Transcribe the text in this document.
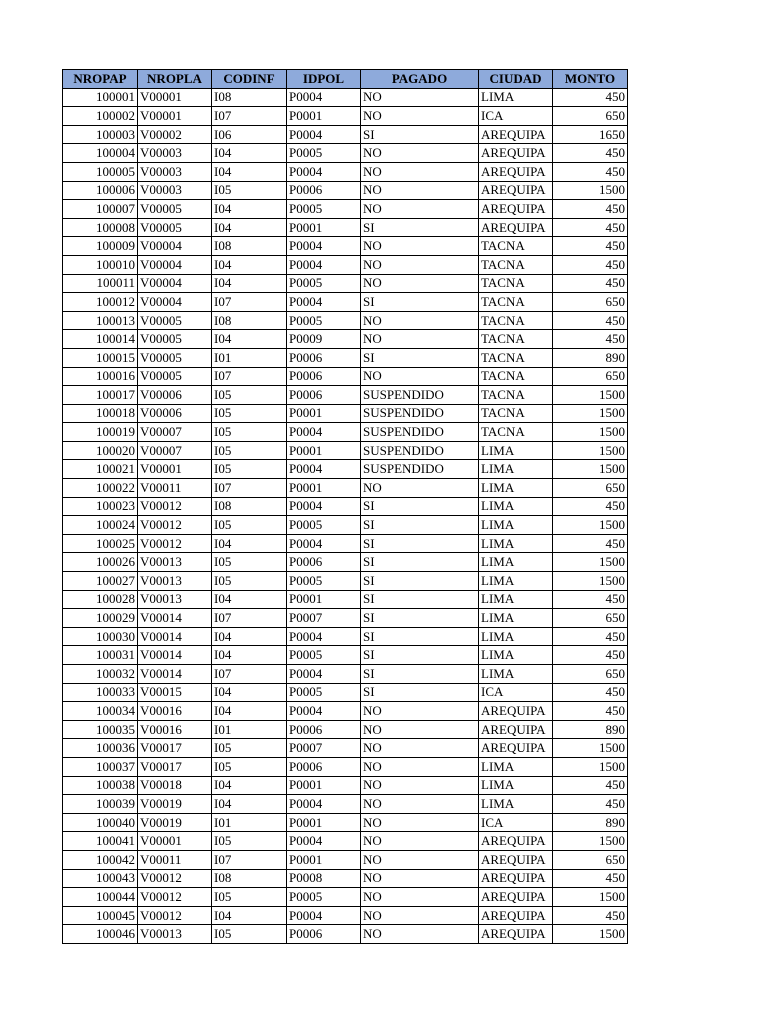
NROPAP	NROPLA	CODINF	IDPOL	PAGADO	CIUDAD	MONTO
100001	V00001	I08	P0004	NO	LIMA	450
100002	V00001	I07	P0001	NO	ICA	650
100003	V00002	I06	P0004	SI	AREQUIPA	1650
100004	V00003	I04	P0005	NO	AREQUIPA	450
100005	V00003	I04	P0004	NO	AREQUIPA	450
100006	V00003	I05	P0006	NO	AREQUIPA	1500
100007	V00005	I04	P0005	NO	AREQUIPA	450
100008	V00005	I04	P0001	SI	AREQUIPA	450
100009	V00004	I08	P0004	NO	TACNA	450
100010	V00004	I04	P0004	NO	TACNA	450
100011	V00004	I04	P0005	NO	TACNA	450
100012	V00004	I07	P0004	SI	TACNA	650
100013	V00005	I08	P0005	NO	TACNA	450
100014	V00005	I04	P0009	NO	TACNA	450
100015	V00005	I01	P0006	SI	TACNA	890
100016	V00005	I07	P0006	NO	TACNA	650
100017	V00006	I05	P0006	SUSPENDIDO	TACNA	1500
100018	V00006	I05	P0001	SUSPENDIDO	TACNA	1500
100019	V00007	I05	P0004	SUSPENDIDO	TACNA	1500
100020	V00007	I05	P0001	SUSPENDIDO	LIMA	1500
100021	V00001	I05	P0004	SUSPENDIDO	LIMA	1500
100022	V00011	I07	P0001	NO	LIMA	650
100023	V00012	I08	P0004	SI	LIMA	450
100024	V00012	I05	P0005	SI	LIMA	1500
100025	V00012	I04	P0004	SI	LIMA	450
100026	V00013	I05	P0006	SI	LIMA	1500
100027	V00013	I05	P0005	SI	LIMA	1500
100028	V00013	I04	P0001	SI	LIMA	450
100029	V00014	I07	P0007	SI	LIMA	650
100030	V00014	I04	P0004	SI	LIMA	450
100031	V00014	I04	P0005	SI	LIMA	450
100032	V00014	I07	P0004	SI	LIMA	650
100033	V00015	I04	P0005	SI	ICA	450
100034	V00016	I04	P0004	NO	AREQUIPA	450
100035	V00016	I01	P0006	NO	AREQUIPA	890
100036	V00017	I05	P0007	NO	AREQUIPA	1500
100037	V00017	I05	P0006	NO	LIMA	1500
100038	V00018	I04	P0001	NO	LIMA	450
100039	V00019	I04	P0004	NO	LIMA	450
100040	V00019	I01	P0001	NO	ICA	890
100041	V00001	I05	P0004	NO	AREQUIPA	1500
100042	V00011	I07	P0001	NO	AREQUIPA	650
100043	V00012	I08	P0008	NO	AREQUIPA	450
100044	V00012	I05	P0005	NO	AREQUIPA	1500
100045	V00012	I04	P0004	NO	AREQUIPA	450
100046	V00013	I05	P0006	NO	AREQUIPA	1500
